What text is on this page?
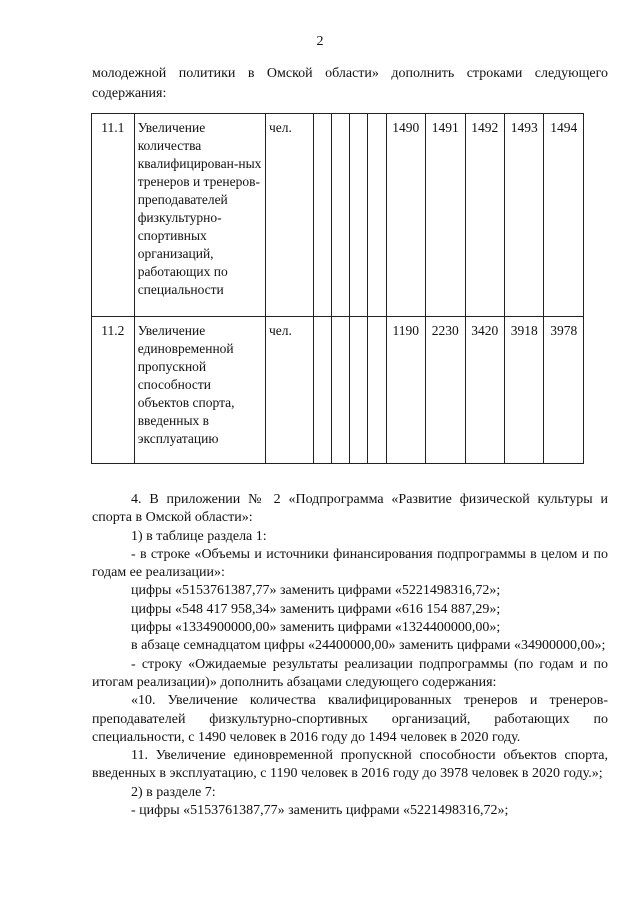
2

молодежной политики в Омской области» дополнить строками следующего содержания:

11.1	Увеличение количества квалифицирован-ных тренеров и тренеров-преподавателей физкультурно-спортивных организаций, работающих по специальности	чел.					1490	1491	1492	1493	1494
11.2	Увеличение единовременной пропускной способности объектов спорта, введенных в эксплуатацию	чел.					1190	2230	3420	3918	3978

4. В приложении № 2 «Подпрограмма «Развитие физической культуры и спорта в Омской области»:

1) в таблице раздела 1:

- в строке «Объемы и источники финансирования подпрограммы в целом и по годам ее реализации»:

цифры «5153761387,77» заменить цифрами «5221498316,72»;

цифры «548 417 958,34» заменить цифрами «616 154 887,29»;

цифры «1334900000,00» заменить цифрами «1324400000,00»;

в абзаце семнадцатом цифры «24400000,00» заменить цифрами «34900000,00»;

- строку «Ожидаемые результаты реализации подпрограммы (по годам и по итогам реализации)» дополнить абзацами следующего содержания:

«10. Увеличение количества квалифицированных тренеров и тренеров-преподавателей физкультурно-спортивных организаций, работающих по специальности, с 1490 человек в 2016 году до 1494 человек в 2020 году.

11. Увеличение единовременной пропускной способности объектов спорта, введенных в эксплуатацию, с 1190 человек в 2016 году до 3978 человек в 2020 году.»;

2) в разделе 7:

- цифры «5153761387,77» заменить цифрами «5221498316,72»;
